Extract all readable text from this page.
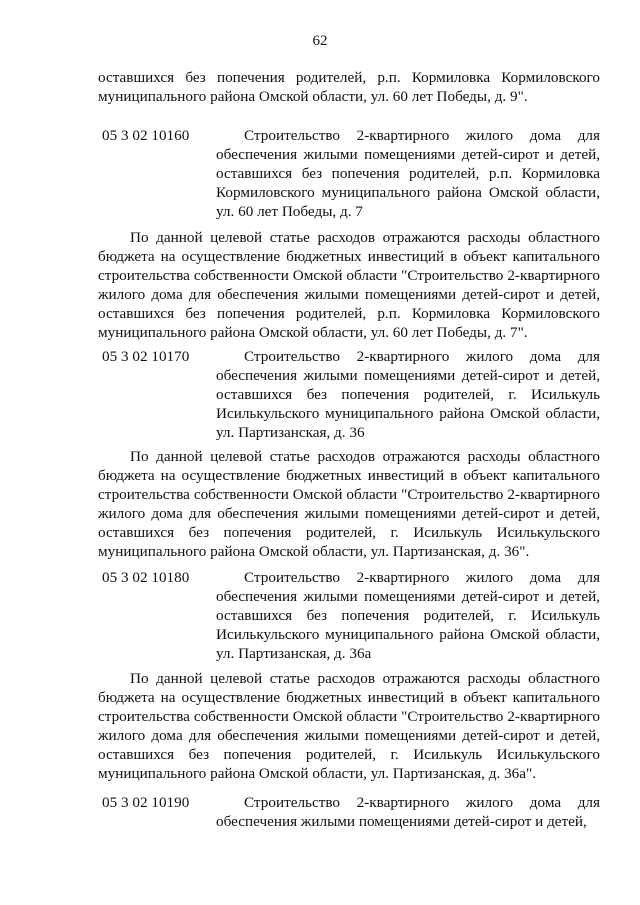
62

оставшихся без попечения родителей, р.п. Кормиловка Кормиловского муниципального района Омской области, ул. 60 лет Победы, д. 9".

05 3 02 10160	Строительство 2-квартирного жилого дома для обеспечения жилыми помещениями детей-сирот и детей, оставшихся без попечения родителей, р.п. Кормиловка Кормиловского муниципального района Омской области, ул. 60 лет Победы, д. 7

По данной целевой статье расходов отражаются расходы областного бюджета на осуществление бюджетных инвестиций в объект капитального строительства собственности Омской области "Строительство 2-квартирного жилого дома для обеспечения жилыми помещениями детей-сирот и детей, оставшихся без попечения родителей, р.п. Кормиловка Кормиловского муниципального района Омской области, ул. 60 лет Победы, д. 7".

05 3 02 10170	Строительство 2-квартирного жилого дома для обеспечения жилыми помещениями детей-сирот и детей, оставшихся без попечения родителей, г. Исилькуль Исилькульского муниципального района Омской области, ул. Партизанская, д. 36

По данной целевой статье расходов отражаются расходы областного бюджета на осуществление бюджетных инвестиций в объект капитального строительства собственности Омской области "Строительство 2-квартирного жилого дома для обеспечения жилыми помещениями детей-сирот и детей, оставшихся без попечения родителей, г. Исилькуль Исилькульского муниципального района Омской области, ул. Партизанская, д. 36".

05 3 02 10180	Строительство 2-квартирного жилого дома для обеспечения жилыми помещениями детей-сирот и детей, оставшихся без попечения родителей, г. Исилькуль Исилькульского муниципального района Омской области, ул. Партизанская, д. 36а

По данной целевой статье расходов отражаются расходы областного бюджета на осуществление бюджетных инвестиций в объект капитального строительства собственности Омской области "Строительство 2-квартирного жилого дома для обеспечения жилыми помещениями детей-сирот и детей, оставшихся без попечения родителей, г. Исилькуль Исилькульского муниципального района Омской области, ул. Партизанская, д. 36а".

05 3 02 10190	Строительство 2-квартирного жилого дома для обеспечения жилыми помещениями детей-сирот и детей,
